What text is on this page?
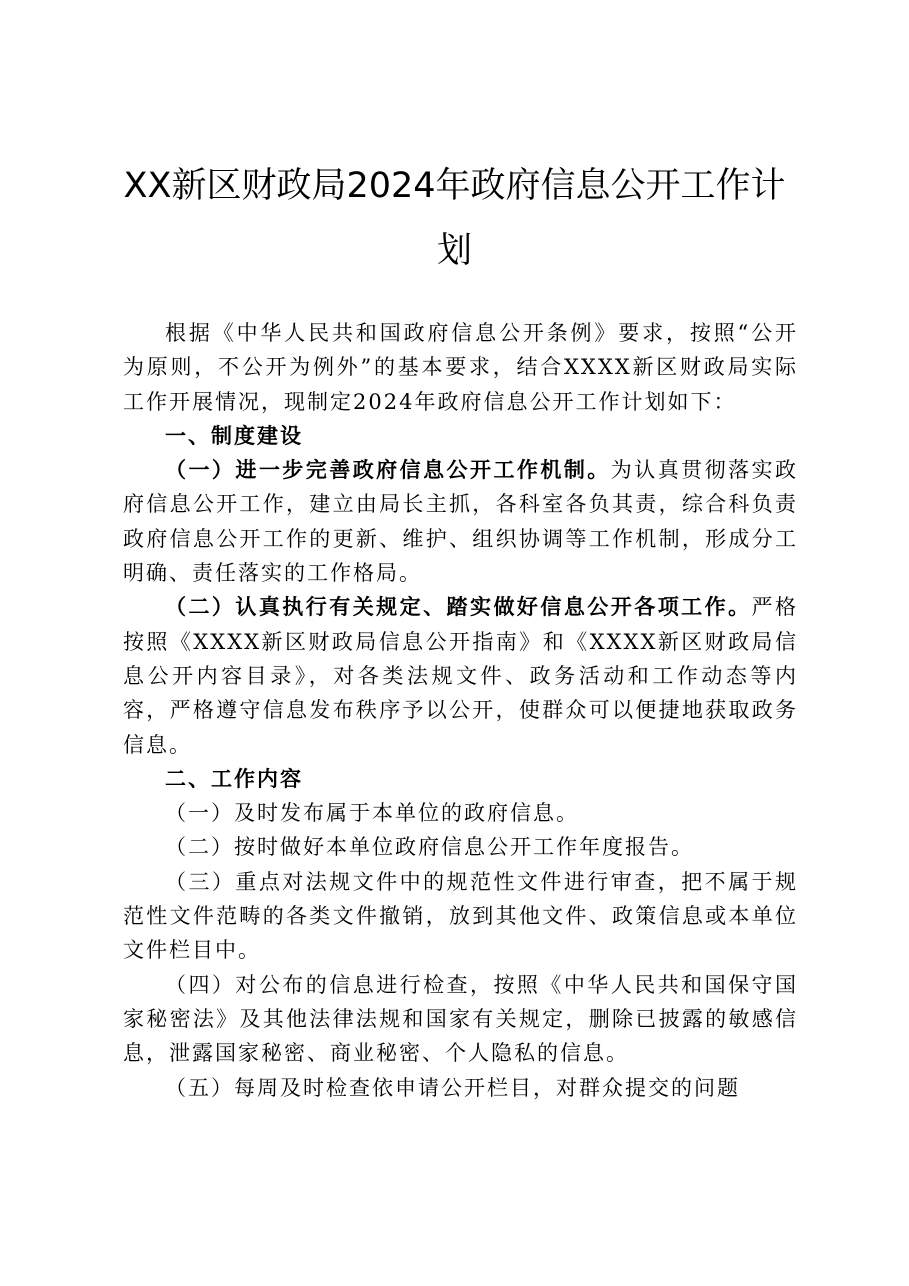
XX新区财政局2024年政府信息公开工作计
划

根据《中华人民共和国政府信息公开条例》要求，按照“公开为原则，不公开为例外”的基本要求，结合XXXX新区财政局实际工作开展情况，现制定2024年政府信息公开工作计划如下：

一、制度建设

（一）进一步完善政府信息公开工作机制。为认真贯彻落实政府信息公开工作，建立由局长主抓，各科室各负其责，综合科负责政府信息公开工作的更新、维护、组织协调等工作机制，形成分工明确、责任落实的工作格局。

（二）认真执行有关规定、踏实做好信息公开各项工作。严格按照《XXXX新区财政局信息公开指南》和《XXXX新区财政局信息公开内容目录》，对各类法规文件、政务活动和工作动态等内容，严格遵守信息发布秩序予以公开，使群众可以便捷地获取政务信息。

二、工作内容

（一）及时发布属于本单位的政府信息。

（二）按时做好本单位政府信息公开工作年度报告。

（三）重点对法规文件中的规范性文件进行审查，把不属于规范性文件范畴的各类文件撤销，放到其他文件、政策信息或本单位文件栏目中。

（四）对公布的信息进行检查，按照《中华人民共和国保守国家秘密法》及其他法律法规和国家有关规定，删除已披露的敏感信息，泄露国家秘密、商业秘密、个人隐私的信息。

（五）每周及时检查依申请公开栏目，对群众提交的问题
